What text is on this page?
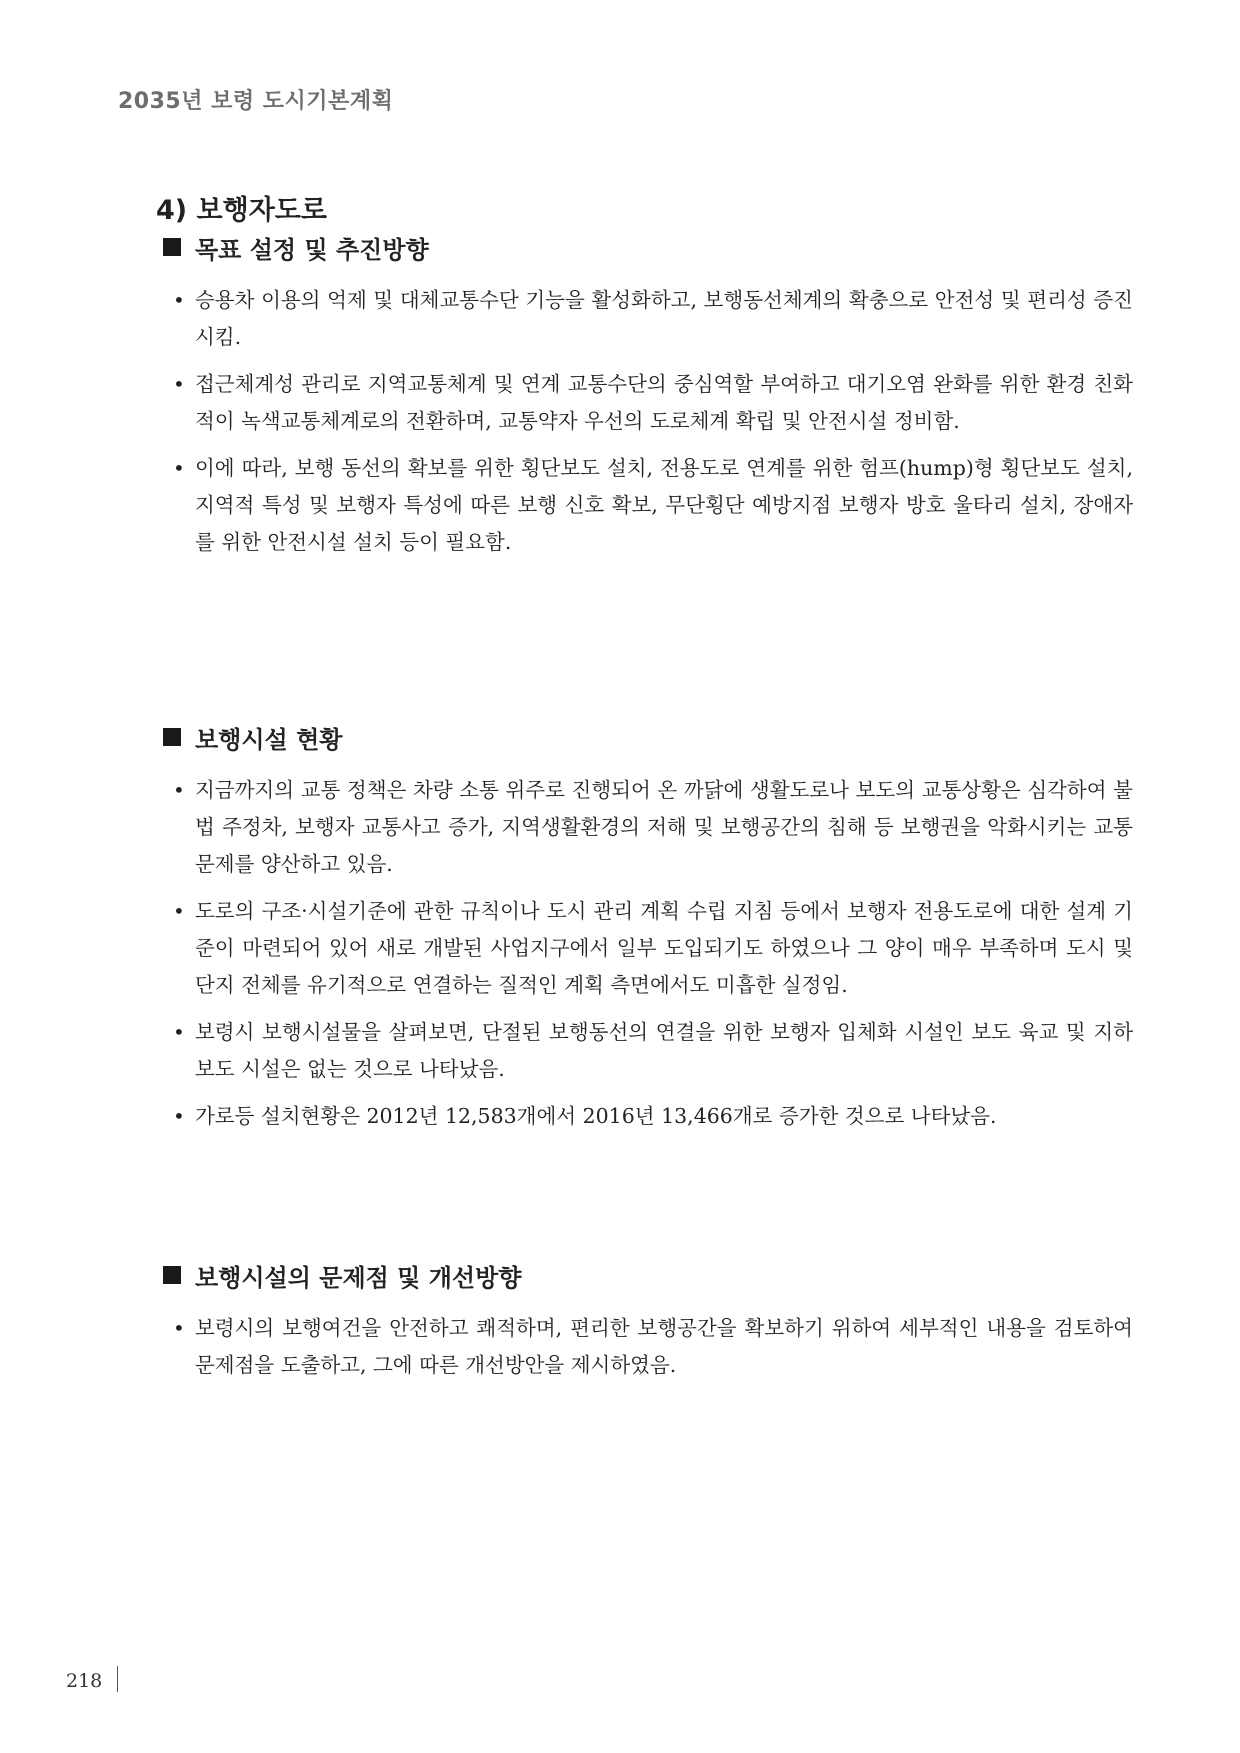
2035년 보령 도시기본계획
4) 보행자도로
목표 설정 및 추진방향
• 승용차 이용의 억제 및 대체교통수단 기능을 활성화하고, 보행동선체계의 확충으로 안전성 및 편리성 증진시킴.
• 접근체계성 관리로 지역교통체계 및 연계 교통수단의 중심역할 부여하고 대기오염 완화를 위한 환경 친화적이 녹색교통체계로의 전환하며, 교통약자 우선의 도로체계 확립 및 안전시설 정비함.
• 이에 따라, 보행 동선의 확보를 위한 횡단보도 설치, 전용도로 연계를 위한 험프(hump)형 횡단보도 설치, 지역적 특성 및 보행자 특성에 따른 보행 신호 확보, 무단횡단 예방지점 보행자 방호 울타리 설치, 장애자를 위한 안전시설 설치 등이 필요함.
보행시설 현황
• 지금까지의 교통 정책은 차량 소통 위주로 진행되어 온 까닭에 생활도로나 보도의 교통상황은 심각하여 불법 주정차, 보행자 교통사고 증가, 지역생활환경의 저해 및 보행공간의 침해 등 보행권을 악화시키는 교통 문제를 양산하고 있음.
• 도로의 구조·시설기준에 관한 규칙이나 도시 관리 계획 수립 지침 등에서 보행자 전용도로에 대한 설계 기준이 마련되어 있어 새로 개발된 사업지구에서 일부 도입되기도 하였으나 그 양이 매우 부족하며 도시 및 단지 전체를 유기적으로 연결하는 질적인 계획 측면에서도 미흡한 실정임.
• 보령시 보행시설물을 살펴보면, 단절된 보행동선의 연결을 위한 보행자 입체화 시설인 보도 육교 및 지하보도 시설은 없는 것으로 나타났음.
• 가로등 설치현황은 2012년 12,583개에서 2016년 13,466개로 증가한 것으로 나타났음.
보행시설의 문제점 및 개선방향
• 보령시의 보행여건을 안전하고 쾌적하며, 편리한 보행공간을 확보하기 위하여 세부적인 내용을 검토하여 문제점을 도출하고, 그에 따른 개선방안을 제시하였음.
218
